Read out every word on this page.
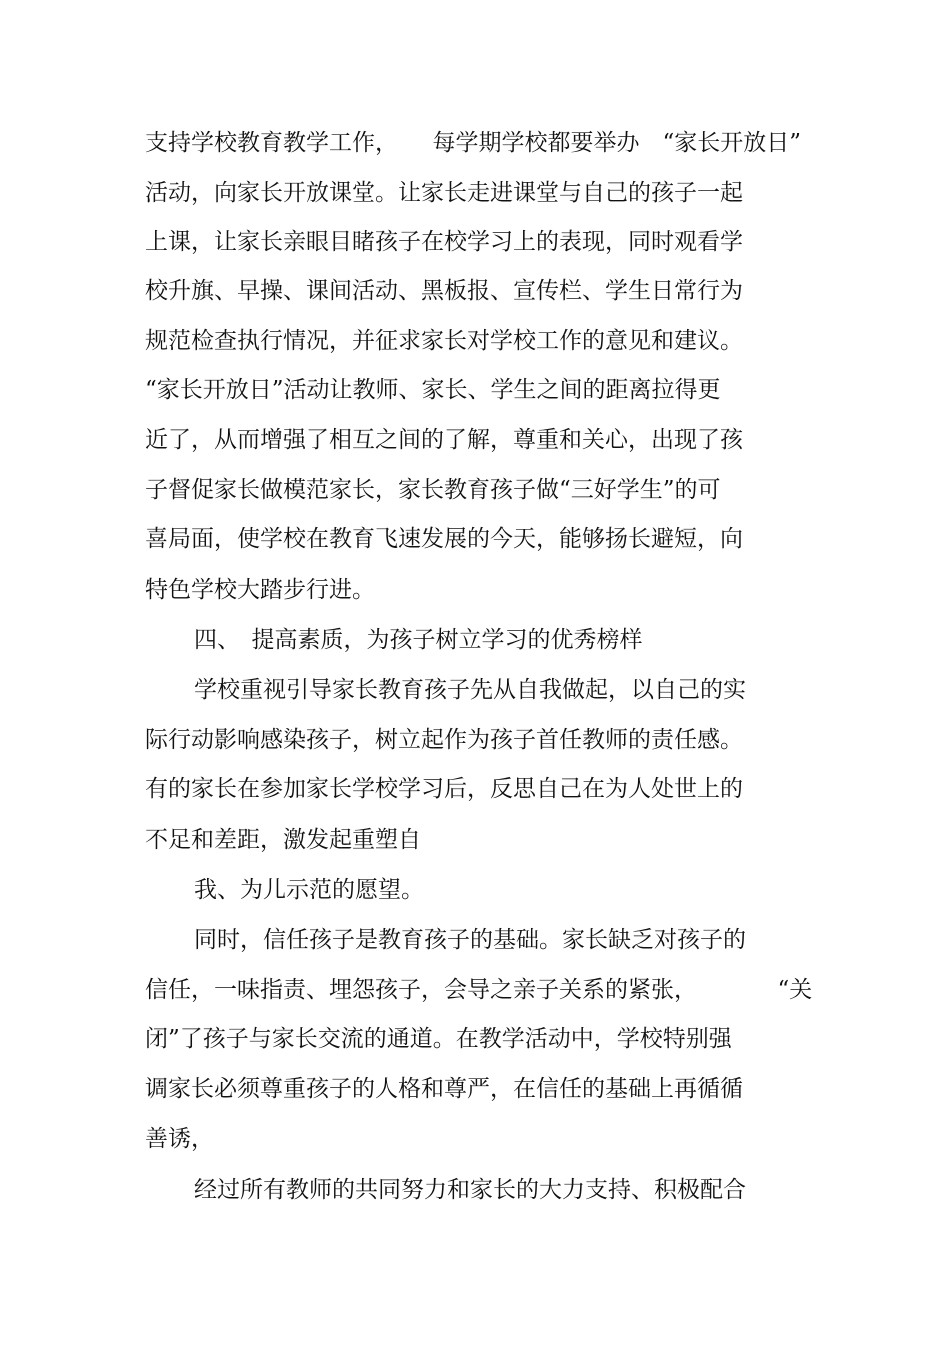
支持学校教育教学工作，　　每学期学校都要举办　“家长开放日”
活动，向家长开放课堂。让家长走进课堂与自己的孩子一起
上课，让家长亲眼目睹孩子在校学习上的表现，同时观看学
校升旗、早操、课间活动、黑板报、宣传栏、学生日常行为
规范检查执行情况，并征求家长对学校工作的意见和建议。
“家长开放日”活动让教师、家长、学生之间的距离拉得更
近了，从而增强了相互之间的了解，尊重和关心，出现了孩
子督促家长做模范家长，家长教育孩子做“三好学生”的可
喜局面，使学校在教育飞速发展的今天，能够扬长避短，向
特色学校大踏步行进。
四、　提高素质，为孩子树立学习的优秀榜样
学校重视引导家长教育孩子先从自我做起，以自己的实
际行动影响感染孩子，树立起作为孩子首任教师的责任感。
有的家长在参加家长学校学习后，反思自己在为人处世上的
不足和差距，激发起重塑自
我、为儿示范的愿望。
同时，信任孩子是教育孩子的基础。家长缺乏对孩子的
信任，一味指责、埋怨孩子，会导之亲子关系的紧张，　　　　“关
闭”了孩子与家长交流的通道。在教学活动中，学校特别强
调家长必须尊重孩子的人格和尊严，在信任的基础上再循循
善诱，
经过所有教师的共同努力和家长的大力支持、积极配合
